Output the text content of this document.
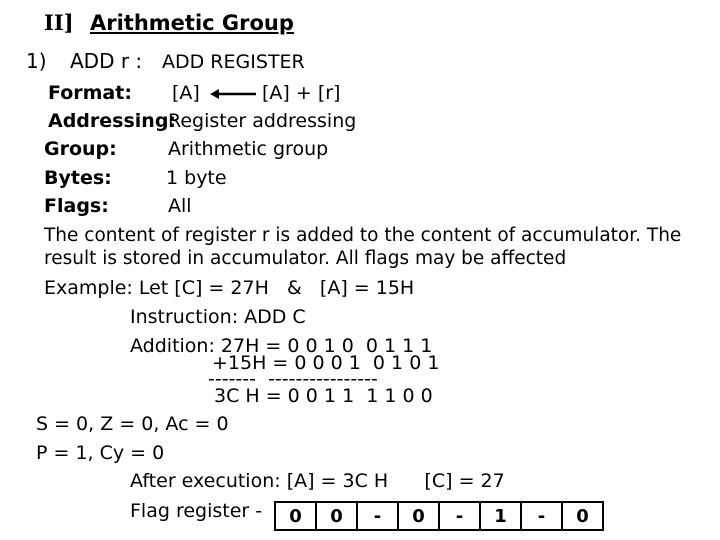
II] Arithmetic Group
1) ADD r : ADD REGISTER
Format: [A]	[A] + [r]
Addressing:
Register addressing
Group:	Arithmetic group
Bytes:	1 byte
Flags:	All
The content of register r is added to the content of accumulator. The
result is stored in accumulator. All flags may be affected
Example: Let [C] = 27H   &   [A] = 15H
Instruction: ADD C
Addition: 27H = 0 0 1 0  0 1 1 1
+15H = 0 0 0 1  0 1 0 1
-------  ----------------
3C H = 0 0 1 1  1 1 0 0
S = 0, Z = 0, Ac = 0
P = 1, Cy = 0
After execution: [A] = 3C H      [C] = 27
Flag register - 0	0	-	0	-	1	-	0
